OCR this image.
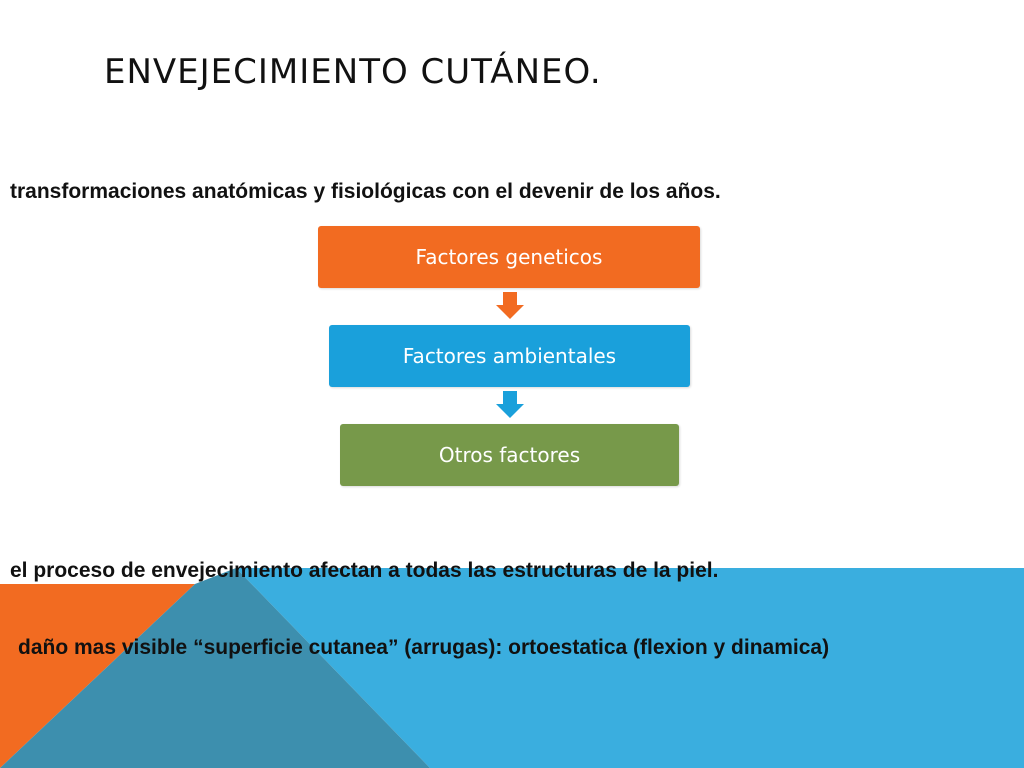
ENVEJECIMIENTO CUTÁNEO.
transformaciones anatómicas y fisiológicas con el devenir de los años.
Factores geneticos
Factores ambientales
Otros factores
el proceso de envejecimiento afectan a todas las estructuras de la piel.
daño mas visible “superficie cutanea” (arrugas): ortoestatica (flexion y dinamica)
